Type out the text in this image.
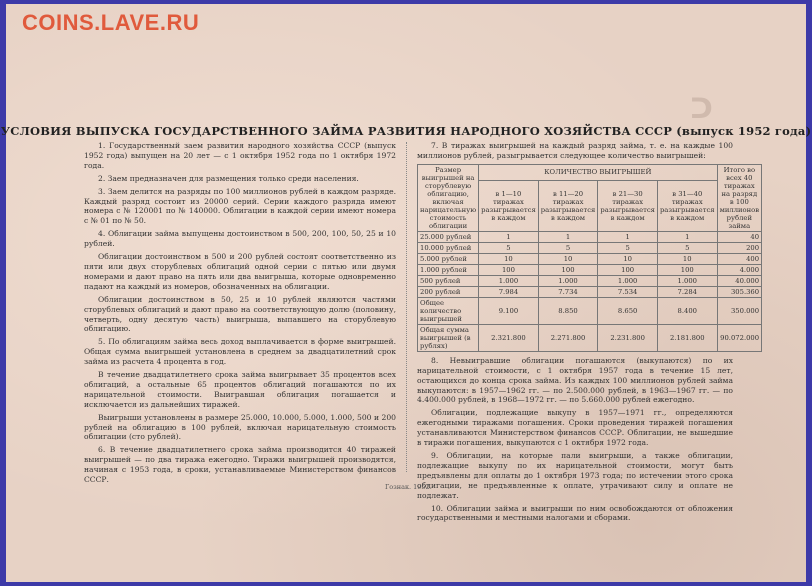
COINS.LAVE.RU
ᑐ
УСЛОВИЯ ВЫПУСКА ГОСУДАРСТВЕННОГО ЗАЙМА РАЗВИТИЯ НАРОДНОГО ХОЗЯЙСТВА СССР (выпуск 1952 года)

1. Государственный заем развития народного хозяйства СССР (выпуск 1952 года) выпущен на 20 лет — с 1 октября 1952 года по 1 октября 1972 года.

2. Заем предназначен для размещения только среди населения.

3. Заем делится на разряды по 100 миллионов рублей в каждом разряде. Каждый разряд состоит из 20000 серий. Серии каждого разряда имеют номера с № 120001 по № 140000. Облигации в каждой серии имеют номера с № 01 по № 50.

4. Облигации займа выпущены достоинством в 500, 200, 100, 50, 25 и 10 рублей.

Облигации достоинством в 500 и 200 рублей состоят соответственно из пяти или двух сторублевых облигаций одной серии с пятью или двумя номерами и дают право на пять или два выигрыша, которые одновременно падают на каждый из номеров, обозначенных на облигации.

Облигации достоинством в 50, 25 и 10 рублей являются частями сторублевых облигаций и дают право на соответствующую долю (половину, четверть, одну десятую часть) выигрыша, выпавшего на сторублевую облигацию.

5. По облигациям займа весь доход выплачивается в форме выигрышей. Общая сумма выигрышей установлена в среднем за двадцатилетний срок займа из расчета 4 процента в год.

В течение двадцатилетнего срока займа выигрывает 35 процентов всех облигаций, а остальные 65 процентов облигаций погашаются по их нарицательной стоимости. Выигравшая облигация погашается и исключается из дальнейших тиражей.

Выигрыши установлены в размере 25.000, 10.000, 5.000, 1.000, 500 и 200 рублей на облигацию в 100 рублей, включая нарицательную стоимость облигации (сто рублей).

6. В течение двадцатилетнего срока займа производится 40 тиражей выигрышей — по два тиража ежегодно. Тиражи выигрышей производятся, начиная с 1953 года, в сроки, устанавливаемые Министерством финансов СССР.

7. В тиражах выигрышей на каждый разряд займа, т. е. на каждые 100 миллионов рублей, разыгрывается следующее количество выигрышей:

Размер выигрышей на сторублевую облигацию, включая нарицательную стоимость облигации	КОЛИЧЕСТВО ВЫИГРЫШЕЙ				Итого во всех 40 тиражах на разряд в 100 миллионов рублей займа
	в 1—10 тиражах разыгрывается в каждом	в 11—20 тиражах разыгрывается в каждом	в 21—30 тиражах разыгрывается в каждом	в 31—40 тиражах разыгрывается в каждом	
25.000 рублей	1	1	1	1	40
10.000 рублей	5	5	5	5	200
5.000 рублей	10	10	10	10	400
1.000 рублей	100	100	100	100	4.000
500 рублей	1.000	1.000	1.000	1.000	40.000
200 рублей	7.984	7.734	7.534	7.284	305.360
Общее количество выигрышей	9.100	8.850	8.650	8.400	350.000
Общая сумма выигрышей (в рублях)	2.321.800	2.271.800	2.231.800	2.181.800	90.072.000

8. Невыигравшие облигации погашаются (выкупаются) по их нарицательной стоимости, с 1 октября 1957 года в течение 15 лет, остающихся до конца срока займа. Из каждых 100 миллионов рублей займа выкупаются: в 1957—1962 гг. — по 2.500.000 рублей, в 1963—1967 гг. — по 4.400.000 рублей, в 1968—1972 гг. — по 5.660.000 рублей ежегодно.

Облигации, подлежащие выкупу в 1957—1971 гг., определяются ежегодными тиражами погашения. Сроки проведения тиражей погашения устанавливаются Министерством финансов СССР. Облигации, не вышедшие в тиражи погашения, выкупаются с 1 октября 1972 года.

9. Облигации, на которые пали выигрыши, а также облигации, подлежащие выкупу по их нарицательной стоимости, могут быть предъявлены для оплаты до 1 октября 1973 года; по истечении этого срока облигации, не предъявленные к оплате, утрачивают силу и оплате не подлежат.

10. Облигации займа и выигрыши по ним освобождаются от обложения государственными и местными налогами и сборами.

Гознак. 1952.
